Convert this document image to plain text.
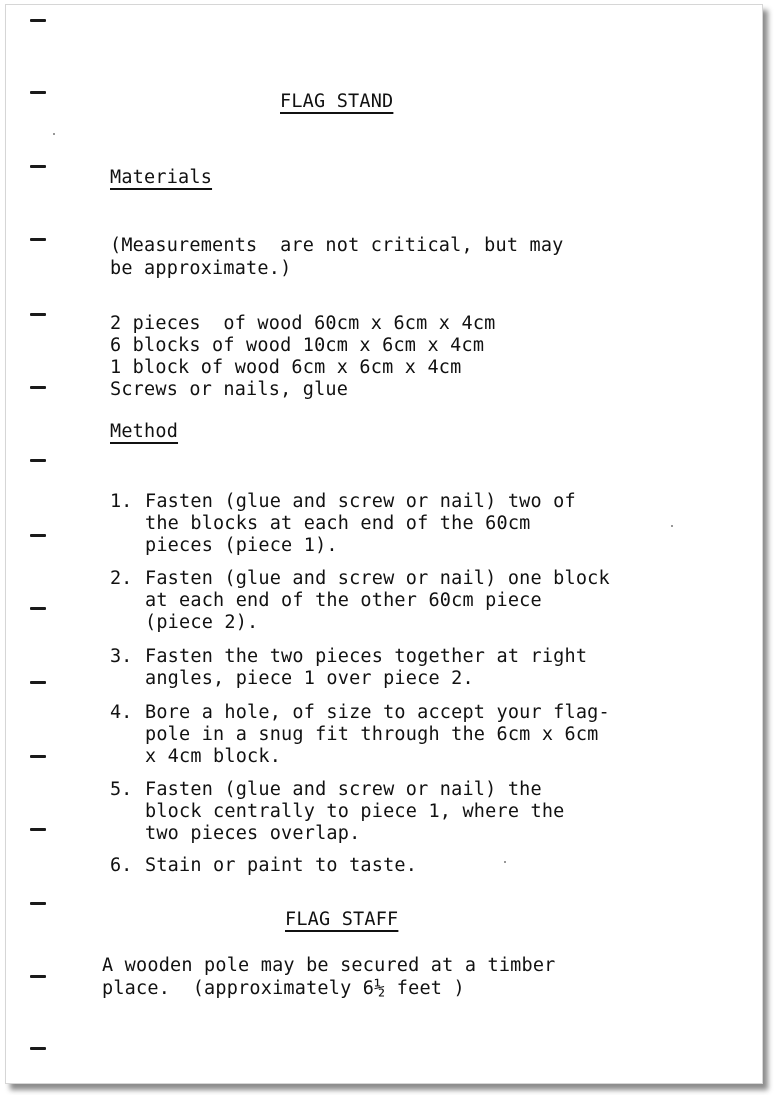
FLAG STAND

Materials

(Measurements  are not critical, but may

be approximate.)

2 pieces  of wood 60cm x 6cm x 4cm

6 blocks of wood 10cm x 6cm x 4cm

1 block of wood 6cm x 6cm x 4cm

Screws or nails, glue

Method

1. Fasten (glue and screw or nail) two of

the blocks at each end of the 60cm

pieces (piece 1).

2. Fasten (glue and screw or nail) one block

at each end of the other 60cm piece

(piece 2).

3. Fasten the two pieces together at right

angles, piece 1 over piece 2.

4. Bore a hole, of size to accept your flag-

pole in a snug fit through the 6cm x 6cm

x 4cm block.

5. Fasten (glue and screw or nail) the

block centrally to piece 1, where the

two pieces overlap.

6. Stain or paint to taste.

FLAG STAFF

A wooden pole may be secured at a timber

place.  (approximately 6½ feet )
